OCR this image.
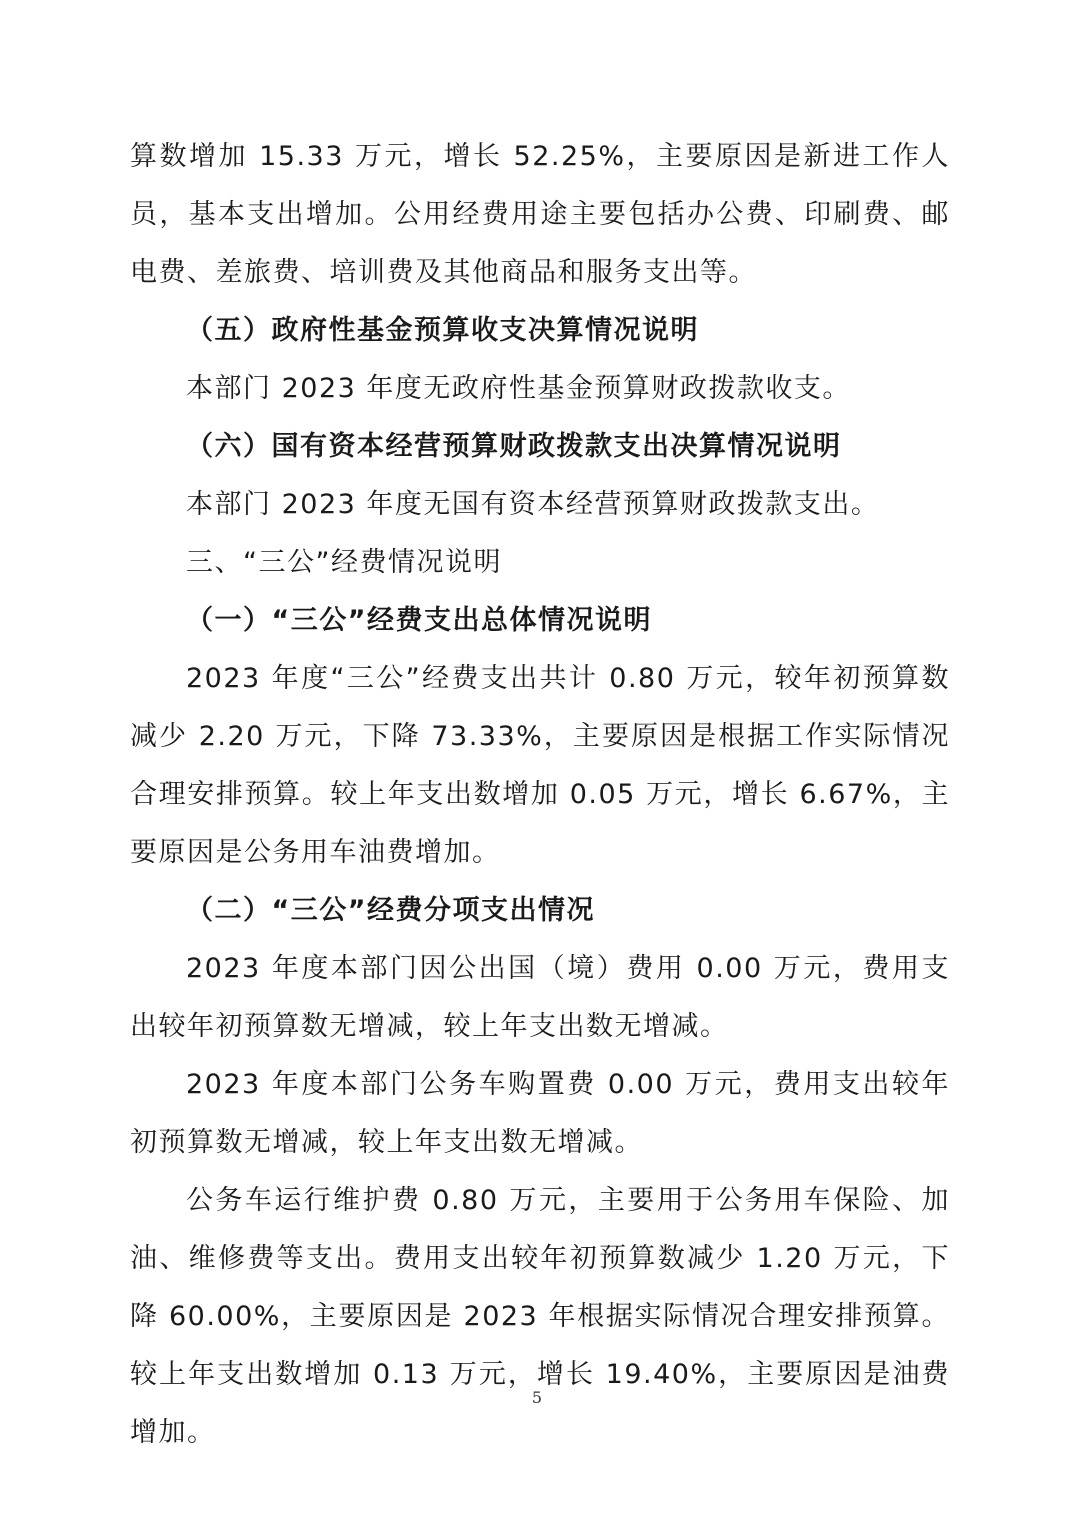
算数增加 15.33 万元，增长 52.25%，主要原因是新进工作人员，基本支出增加。公用经费用途主要包括办公费、印刷费、邮电费、差旅费、培训费及其他商品和服务支出等。

（五）政府性基金预算收支决算情况说明

本部门 2023 年度无政府性基金预算财政拨款收支。

（六）国有资本经营预算财政拨款支出决算情况说明

本部门 2023 年度无国有资本经营预算财政拨款支出。

三、“三公”经费情况说明

（一）“三公”经费支出总体情况说明

2023 年度“三公”经费支出共计 0.80 万元，较年初预算数减少 2.20 万元，下降 73.33%，主要原因是根据工作实际情况合理安排预算。较上年支出数增加 0.05 万元，增长 6.67%，主要原因是公务用车油费增加。

（二）“三公”经费分项支出情况

2023 年度本部门因公出国（境）费用 0.00 万元，费用支出较年初预算数无增减，较上年支出数无增减。

2023 年度本部门公务车购置费 0.00 万元，费用支出较年初预算数无增减，较上年支出数无增减。

公务车运行维护费 0.80 万元，主要用于公务用车保险、加油、维修费等支出。费用支出较年初预算数减少 1.20 万元，下降 60.00%，主要原因是 2023 年根据实际情况合理安排预算。较上年支出数增加 0.13 万元，增长 19.40%，主要原因是油费增加。

5
